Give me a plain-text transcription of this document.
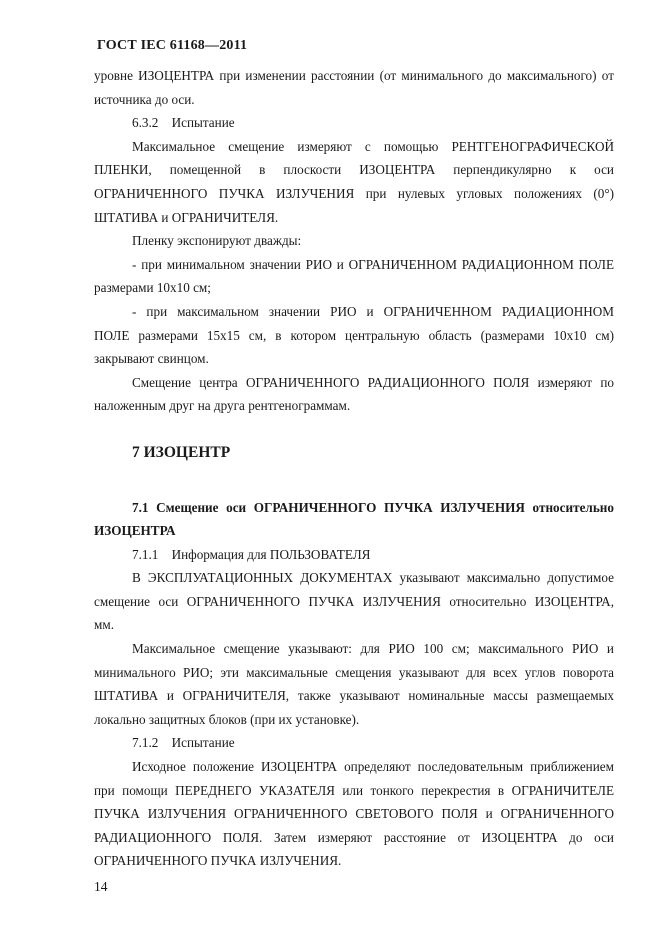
ГОСТ IEC 61168—2011

уровне ИЗОЦЕНТРА при изменении расстоянии (от минимального до максимального) от

источника до оси.

6.3.2    Испытание

Максимальное смещение измеряют с помощью РЕНТГЕНОГРАФИЧЕСКОЙ

ПЛЕНКИ, помещенной в плоскости ИЗОЦЕНТРА перпендикулярно к оси

ОГРАНИЧЕННОГО ПУЧКА ИЗЛУЧЕНИЯ при нулевых угловых положениях (0°)

ШТАТИВА и ОГРАНИЧИТЕЛЯ.

Пленку экспонируют дважды:

- при минимальном значении РИО и ОГРАНИЧЕННОМ РАДИАЦИОННОМ ПОЛЕ

размерами 10x10 см;

- при максимальном значении РИО и ОГРАНИЧЕННОМ РАДИАЦИОННОМ

ПОЛЕ размерами 15x15 см, в котором центральную область (размерами 10x10 см)

закрывают свинцом.

Смещение центра ОГРАНИЧЕННОГО РАДИАЦИОННОГО ПОЛЯ измеряют по

наложенным друг на друга рентгенограммам.

7 ИЗОЦЕНТР

7.1 Смещение оси ОГРАНИЧЕННОГО ПУЧКА ИЗЛУЧЕНИЯ относительно

ИЗОЦЕНТРА

7.1.1    Информация для ПОЛЬЗОВАТЕЛЯ

В ЭКСПЛУАТАЦИОННЫХ ДОКУМЕНТАХ указывают максимально допустимое

смещение оси ОГРАНИЧЕННОГО ПУЧКА ИЗЛУЧЕНИЯ относительно ИЗОЦЕНТРА,

мм.

Максимальное смещение указывают: для РИО 100 см; максимального РИО и

минимального РИО; эти максимальные смещения указывают для всех углов поворота

ШТАТИВА и ОГРАНИЧИТЕЛЯ, также указывают номинальные массы размещаемых

локально защитных блоков (при их установке).

7.1.2    Испытание

Исходное положение ИЗОЦЕНТРА определяют последовательным приближением

при помощи ПЕРЕДНЕГО УКАЗАТЕЛЯ или тонкого перекрестия в ОГРАНИЧИТЕЛЕ

ПУЧКА ИЗЛУЧЕНИЯ ОГРАНИЧЕННОГО СВЕТОВОГО ПОЛЯ и ОГРАНИЧЕННОГО

РАДИАЦИОННОГО ПОЛЯ. Затем измеряют расстояние от ИЗОЦЕНТРА до оси

ОГРАНИЧЕННОГО ПУЧКА ИЗЛУЧЕНИЯ.

14
